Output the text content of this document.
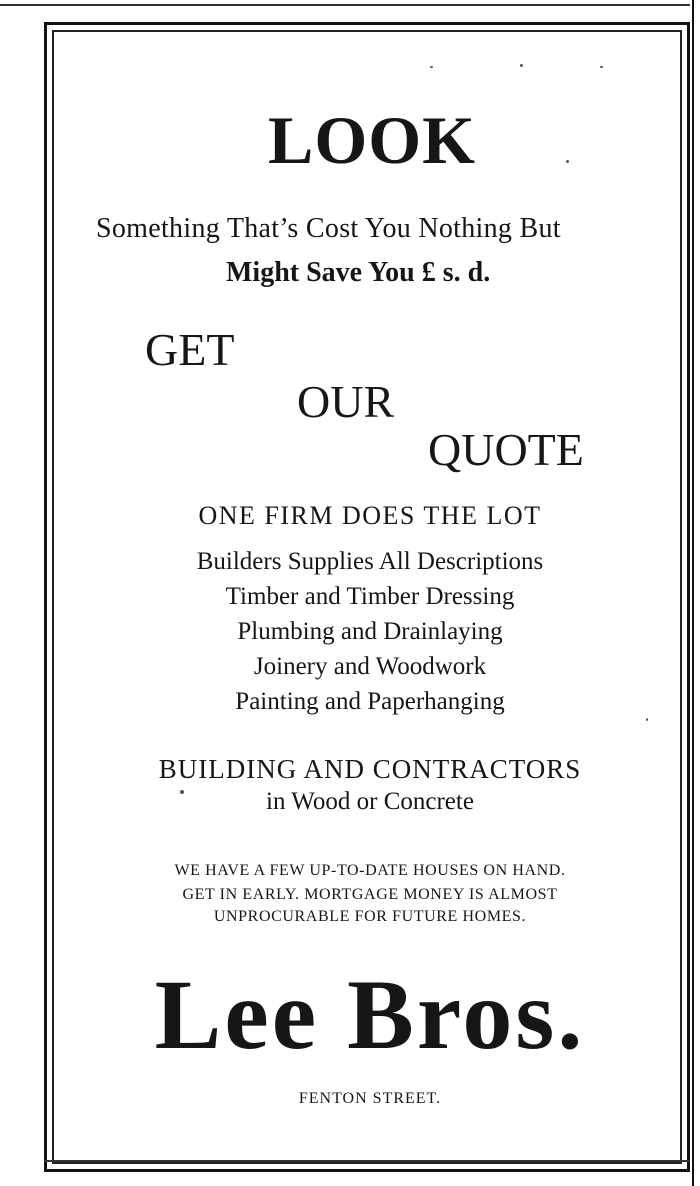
LOOK

Something That’s Cost You Nothing But

Might Save You £ s. d.

GET

OUR

QUOTE

ONE FIRM DOES THE LOT

Builders Supplies All Descriptions

Timber and Timber Dressing

Plumbing and Drainlaying

Joinery and Woodwork

Painting and Paperhanging

BUILDING AND CONTRACTORS

in Wood or Concrete

WE HAVE A FEW UP-TO-DATE HOUSES ON HAND.

GET IN EARLY. MORTGAGE MONEY IS ALMOST

UNPROCURABLE FOR FUTURE HOMES.

Lee Bros.

FENTON STREET.
